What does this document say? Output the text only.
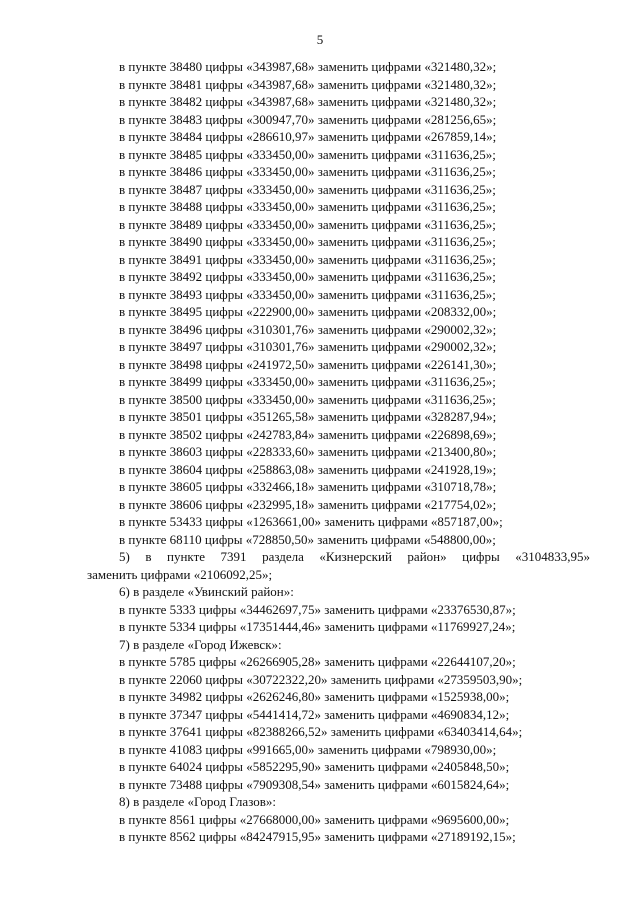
5
в пункте 38480 цифры «343987,68» заменить цифрами «321480,32»;
в пункте 38481 цифры «343987,68» заменить цифрами «321480,32»;
в пункте 38482 цифры «343987,68» заменить цифрами «321480,32»;
в пункте 38483 цифры «300947,70» заменить цифрами «281256,65»;
в пункте 38484 цифры «286610,97» заменить цифрами «267859,14»;
в пункте 38485 цифры «333450,00» заменить цифрами «311636,25»;
в пункте 38486 цифры «333450,00» заменить цифрами «311636,25»;
в пункте 38487 цифры «333450,00» заменить цифрами «311636,25»;
в пункте 38488 цифры «333450,00» заменить цифрами «311636,25»;
в пункте 38489 цифры «333450,00» заменить цифрами «311636,25»;
в пункте 38490 цифры «333450,00» заменить цифрами «311636,25»;
в пункте 38491 цифры «333450,00» заменить цифрами «311636,25»;
в пункте 38492 цифры «333450,00» заменить цифрами «311636,25»;
в пункте 38493 цифры «333450,00» заменить цифрами «311636,25»;
в пункте 38495 цифры «222900,00» заменить цифрами «208332,00»;
в пункте 38496 цифры «310301,76» заменить цифрами «290002,32»;
в пункте 38497 цифры «310301,76» заменить цифрами «290002,32»;
в пункте 38498 цифры «241972,50» заменить цифрами «226141,30»;
в пункте 38499 цифры «333450,00» заменить цифрами «311636,25»;
в пункте 38500 цифры «333450,00» заменить цифрами «311636,25»;
в пункте 38501 цифры «351265,58» заменить цифрами «328287,94»;
в пункте 38502 цифры «242783,84» заменить цифрами «226898,69»;
в пункте 38603 цифры «228333,60» заменить цифрами «213400,80»;
в пункте 38604 цифры «258863,08» заменить цифрами «241928,19»;
в пункте 38605 цифры «332466,18» заменить цифрами «310718,78»;
в пункте 38606 цифры «232995,18» заменить цифрами «217754,02»;
в пункте 53433 цифры «1263661,00» заменить цифрами «857187,00»;
в пункте 68110 цифры «728850,50» заменить цифрами «548800,00»;
5) в пункте 7391 раздела «Кизнерский район» цифры «3104833,95»
заменить цифрами «2106092,25»;
6) в разделе «Увинский район»:
в пункте 5333 цифры «34462697,75» заменить цифрами «23376530,87»;
в пункте 5334 цифры «17351444,46» заменить цифрами «11769927,24»;
7) в разделе «Город Ижевск»:
в пункте 5785 цифры «26266905,28» заменить цифрами «22644107,20»;
в пункте 22060 цифры «30722322,20» заменить цифрами «27359503,90»;
в пункте 34982 цифры «2626246,80» заменить цифрами «1525938,00»;
в пункте 37347 цифры «5441414,72» заменить цифрами «4690834,12»;
в пункте 37641 цифры «82388266,52» заменить цифрами «63403414,64»;
в пункте 41083 цифры «991665,00» заменить цифрами «798930,00»;
в пункте 64024 цифры «5852295,90» заменить цифрами «2405848,50»;
в пункте 73488 цифры «7909308,54» заменить цифрами «6015824,64»;
8) в разделе «Город Глазов»:
в пункте 8561 цифры «27668000,00» заменить цифрами «9695600,00»;
в пункте 8562 цифры «84247915,95» заменить цифрами «27189192,15»;
